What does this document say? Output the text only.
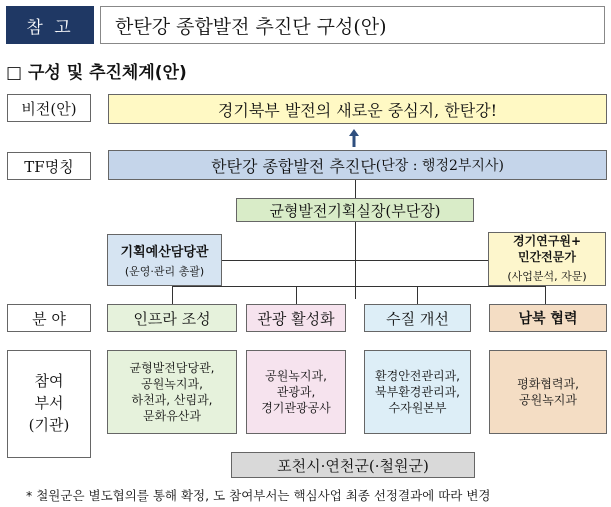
참 고	한탄강 종합발전 추진단 구성(안)
□ 구성 및 추진체계(안)
비전(안)
TF명칭
분 야
참여
부서
(기관)
경기북부 발전의 새로운 중심지, 한탄강!
한탄강 종합발전 추진단 (단장 : 행정2부지사)
균형발전기획실장(부단장)
기획예산담당관
(운영·관리 총괄)
경기연구원+
민간전문가
(사업분석, 자문)
인프라 조성	관광 활성화	수질 개선	남북 협력
균형발전담당관,
공원녹지과,
하천과, 산림과,
문화유산과
공원녹지과,
관광과,
경기관광공사
환경안전관리과,
북부환경관리과,
수자원본부
평화협력과,
공원녹지과
포천시·연천군(·철원군)
* 철원군은 별도협의를 통해 확정, 도 참여부서는 핵심사업 최종 선정결과에 따라 변경
